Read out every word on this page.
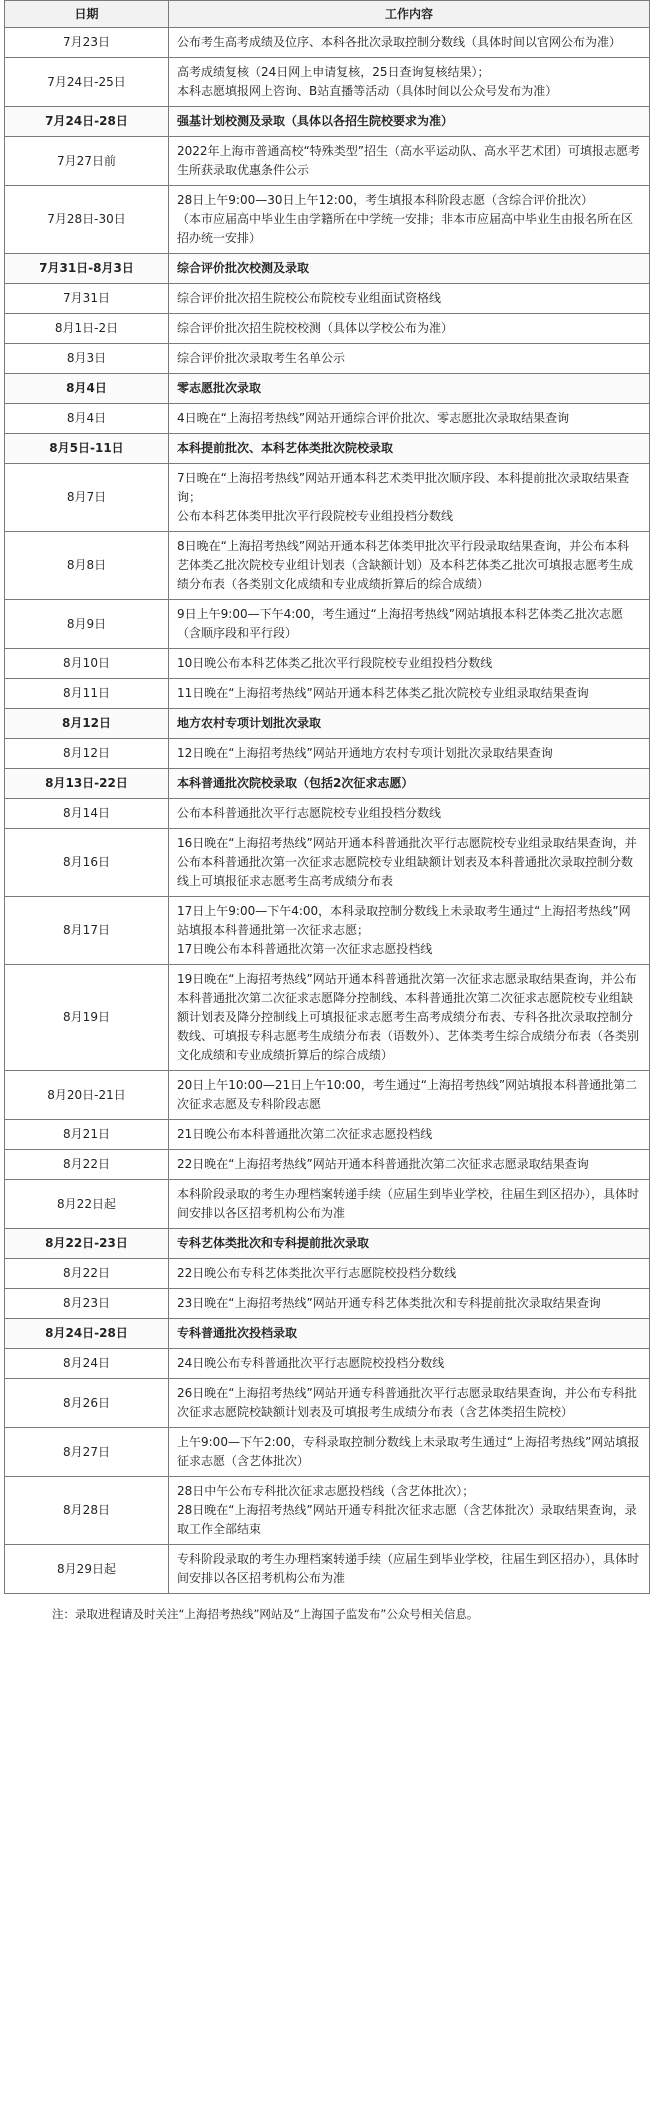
日期	工作内容
7月23日	公布考生高考成绩及位序、本科各批次录取控制分数线（具体时间以官网公布为准）
7月24日-25日	高考成绩复核（24日网上申请复核，25日查询复核结果）；
本科志愿填报网上咨询、B站直播等活动（具体时间以公众号发布为准）
7月24日-28日	强基计划校测及录取（具体以各招生院校要求为准）
7月27日前	2022年上海市普通高校“特殊类型”招生（高水平运动队、高水平艺术团）可填报志愿考生所获录取优惠条件公示
7月28日-30日	28日上午9:00—30日上午12:00，考生填报本科阶段志愿（含综合评价批次）
（本市应届高中毕业生由学籍所在中学统一安排；非本市应届高中毕业生由报名所在区招办统一安排）
7月31日-8月3日	综合评价批次校测及录取
7月31日	综合评价批次招生院校公布院校专业组面试资格线
8月1日-2日	综合评价批次招生院校校测（具体以学校公布为准）
8月3日	综合评价批次录取考生名单公示
8月4日	零志愿批次录取
8月4日	4日晚在“上海招考热线”网站开通综合评价批次、零志愿批次录取结果查询
8月5日-11日	本科提前批次、本科艺体类批次院校录取
8月7日	7日晚在“上海招考热线”网站开通本科艺术类甲批次顺序段、本科提前批次录取结果查询；
公布本科艺体类甲批次平行段院校专业组投档分数线
8月8日	8日晚在“上海招考热线”网站开通本科艺体类甲批次平行段录取结果查询，并公布本科艺体类乙批次院校专业组计划表（含缺额计划）及本科艺体类乙批次可填报志愿考生成绩分布表（各类别文化成绩和专业成绩折算后的综合成绩）
8月9日	9日上午9:00—下午4:00，考生通过“上海招考热线”网站填报本科艺体类乙批次志愿（含顺序段和平行段）
8月10日	10日晚公布本科艺体类乙批次平行段院校专业组投档分数线
8月11日	11日晚在“上海招考热线”网站开通本科艺体类乙批次院校专业组录取结果查询
8月12日	地方农村专项计划批次录取
8月12日	12日晚在“上海招考热线”网站开通地方农村专项计划批次录取结果查询
8月13日-22日	本科普通批次院校录取（包括2次征求志愿）
8月14日	公布本科普通批次平行志愿院校专业组投档分数线
8月16日	16日晚在“上海招考热线”网站开通本科普通批次平行志愿院校专业组录取结果查询，并公布本科普通批次第一次征求志愿院校专业组缺额计划表及本科普通批次录取控制分数线上可填报征求志愿考生高考成绩分布表
8月17日	17日上午9:00—下午4:00，本科录取控制分数线上未录取考生通过“上海招考热线”网站填报本科普通批第一次征求志愿；
17日晚公布本科普通批次第一次征求志愿投档线
8月19日	19日晚在“上海招考热线”网站开通本科普通批次第一次征求志愿录取结果查询，并公布本科普通批次第二次征求志愿降分控制线、本科普通批次第二次征求志愿院校专业组缺额计划表及降分控制线上可填报征求志愿考生高考成绩分布表、专科各批次录取控制分数线、可填报专科志愿考生成绩分布表（语数外）、艺体类考生综合成绩分布表（各类别文化成绩和专业成绩折算后的综合成绩）
8月20日-21日	20日上午10:00—21日上午10:00，考生通过“上海招考热线”网站填报本科普通批第二次征求志愿及专科阶段志愿
8月21日	21日晚公布本科普通批次第二次征求志愿投档线
8月22日	22日晚在“上海招考热线”网站开通本科普通批次第二次征求志愿录取结果查询
8月22日起	本科阶段录取的考生办理档案转递手续（应届生到毕业学校，往届生到区招办），具体时间安排以各区招考机构公布为准
8月22日-23日	专科艺体类批次和专科提前批次录取
8月22日	22日晚公布专科艺体类批次平行志愿院校投档分数线
8月23日	23日晚在“上海招考热线”网站开通专科艺体类批次和专科提前批次录取结果查询
8月24日-28日	专科普通批次投档录取
8月24日	24日晚公布专科普通批次平行志愿院校投档分数线
8月26日	26日晚在“上海招考热线”网站开通专科普通批次平行志愿录取结果查询，并公布专科批次征求志愿院校缺额计划表及可填报考生成绩分布表（含艺体类招生院校）
8月27日	上午9:00—下午2:00，专科录取控制分数线上未录取考生通过“上海招考热线”网站填报征求志愿（含艺体批次）
8月28日	28日中午公布专科批次征求志愿投档线（含艺体批次）；
28日晚在“上海招考热线”网站开通专科批次征求志愿（含艺体批次）录取结果查询，录取工作全部结束
8月29日起	专科阶段录取的考生办理档案转递手续（应届生到毕业学校，往届生到区招办），具体时间安排以各区招考机构公布为准
注：录取进程请及时关注“上海招考热线”网站及“上海国子监发布”公众号相关信息。
